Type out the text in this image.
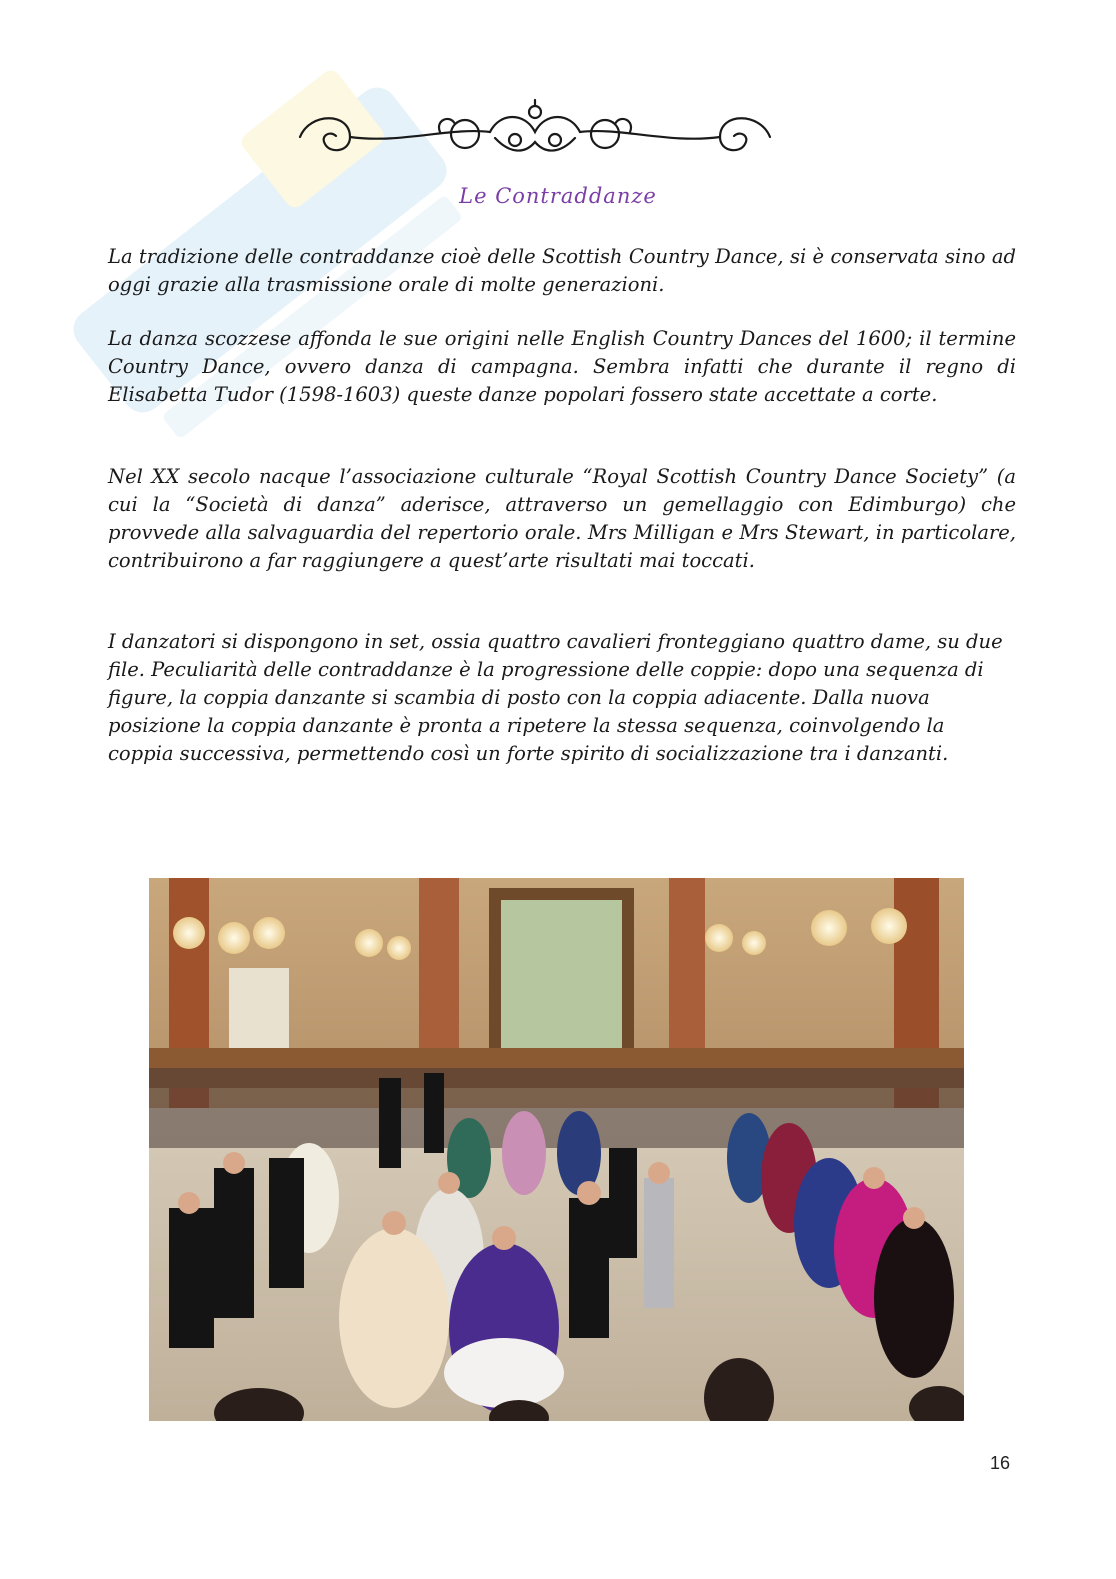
Le Contraddanze

La tradizione delle contraddanze cioè delle Scottish Country Dance, si è conservata sino ad oggi grazie alla trasmissione orale di molte generazioni.

La danza scozzese affonda le sue origini nelle English Country Dances del 1600; il termine Country Dance, ovvero danza di campagna. Sembra infatti che durante il regno di Elisabetta Tudor (1598-1603) queste danze popolari fossero state accettate a corte.

Nel XX secolo nacque l’associazione culturale “Royal Scottish Country Dance Society” (a cui la “Società di danza” aderisce, attraverso un gemellaggio con Edimburgo) che provvede alla salvaguardia del repertorio orale. Mrs Milligan e Mrs Stewart, in particolare, contribuirono a far raggiungere a quest’arte risultati mai toccati.

I danzatori si dispongono in set, ossia quattro cavalieri fronteggiano quattro dame, su due file. Peculiarità delle contraddanze è la progressione delle coppie: dopo una sequenza di figure, la coppia danzante si scambia di posto con la coppia adiacente. Dalla nuova posizione la coppia danzante è pronta a ripetere la stessa sequenza, coinvolgendo la coppia successiva, permettendo così un forte spirito di socializzazione tra i danzanti.

16
